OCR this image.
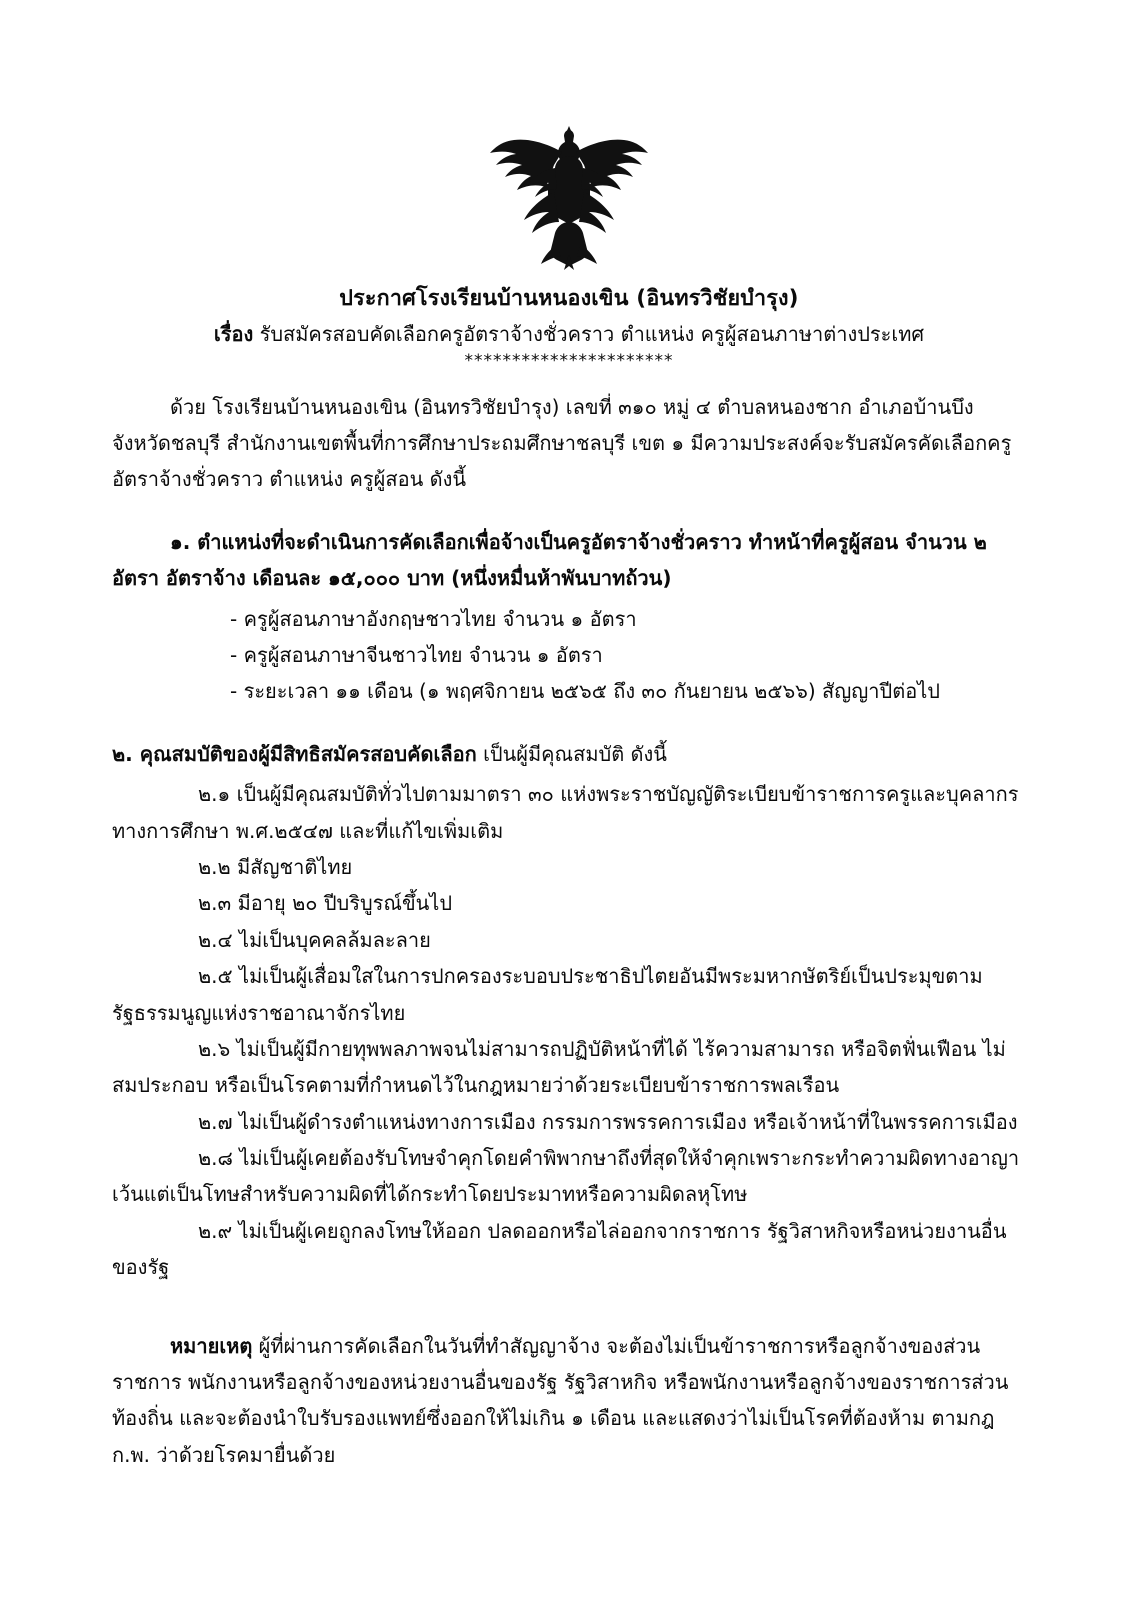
ประกาศโรงเรียนบ้านหนองเขิน (อินทรวิชัยบำรุง)
เรื่อง รับสมัครสอบคัดเลือกครูอัตราจ้างชั่วคราว ตำแหน่ง ครูผู้สอนภาษาต่างประเทศ
**********************

ด้วย โรงเรียนบ้านหนองเขิน (อินทรวิชัยบำรุง) เลขที่ ๓๑๐ หมู่ ๔ ตำบลหนองชาก อำเภอบ้านบึง จังหวัดชลบุรี สำนักงานเขตพื้นที่การศึกษาประถมศึกษาชลบุรี เขต ๑ มีความประสงค์จะรับสมัครคัดเลือกครูอัตราจ้างชั่วคราว ตำแหน่ง ครูผู้สอน ดังนี้

๑. ตำแหน่งที่จะดำเนินการคัดเลือกเพื่อจ้างเป็นครูอัตราจ้างชั่วคราว ทำหน้าที่ครูผู้สอน จำนวน ๒ อัตรา อัตราจ้าง เดือนละ ๑๕,๐๐๐ บาท (หนึ่งหมื่นห้าพันบาทถ้วน)

- ครูผู้สอนภาษาอังกฤษชาวไทย จำนวน ๑ อัตรา

- ครูผู้สอนภาษาจีนชาวไทย จำนวน ๑ อัตรา

- ระยะเวลา ๑๑ เดือน (๑ พฤศจิกายน ๒๕๖๕ ถึง ๓๐ กันยายน ๒๕๖๖) สัญญาปีต่อไป

๒. คุณสมบัติของผู้มีสิทธิสมัครสอบคัดเลือก เป็นผู้มีคุณสมบัติ ดังนี้

๒.๑ เป็นผู้มีคุณสมบัติทั่วไปตามมาตรา ๓๐ แห่งพระราชบัญญัติระเบียบข้าราชการครูและบุคลากรทางการศึกษา พ.ศ.๒๕๔๗ และที่แก้ไขเพิ่มเติม

๒.๒ มีสัญชาติไทย

๒.๓ มีอายุ ๒๐ ปีบริบูรณ์ขึ้นไป

๒.๔ ไม่เป็นบุคคลล้มละลาย

๒.๕ ไม่เป็นผู้เสื่อมใสในการปกครองระบอบประชาธิปไตยอันมีพระมหากษัตริย์เป็นประมุขตามรัฐธรรมนูญแห่งราชอาณาจักรไทย

๒.๖ ไม่เป็นผู้มีกายทุพพลภาพจนไม่สามารถปฏิบัติหน้าที่ได้ ไร้ความสามารถ หรือจิตฟั่นเฟือน ไม่สมประกอบ หรือเป็นโรคตามที่กำหนดไว้ในกฎหมายว่าด้วยระเบียบข้าราชการพลเรือน

๒.๗ ไม่เป็นผู้ดำรงตำแหน่งทางการเมือง กรรมการพรรคการเมือง หรือเจ้าหน้าที่ในพรรคการเมือง

๒.๘ ไม่เป็นผู้เคยต้องรับโทษจำคุกโดยคำพิพากษาถึงที่สุดให้จำคุกเพราะกระทำความผิดทางอาญาเว้นแต่เป็นโทษสำหรับความผิดที่ได้กระทำโดยประมาทหรือความผิดลหุโทษ

๒.๙ ไม่เป็นผู้เคยถูกลงโทษให้ออก ปลดออกหรือไล่ออกจากราชการ รัฐวิสาหกิจหรือหน่วยงานอื่นของรัฐ

หมายเหตุ ผู้ที่ผ่านการคัดเลือกในวันที่ทำสัญญาจ้าง จะต้องไม่เป็นข้าราชการหรือลูกจ้างของส่วนราชการ พนักงานหรือลูกจ้างของหน่วยงานอื่นของรัฐ รัฐวิสาหกิจ หรือพนักงานหรือลูกจ้างของราชการส่วนท้องถิ่น และจะต้องนำใบรับรองแพทย์ซึ่งออกให้ไม่เกิน ๑ เดือน และแสดงว่าไม่เป็นโรคที่ต้องห้าม ตามกฎ ก.พ. ว่าด้วยโรคมายื่นด้วย
